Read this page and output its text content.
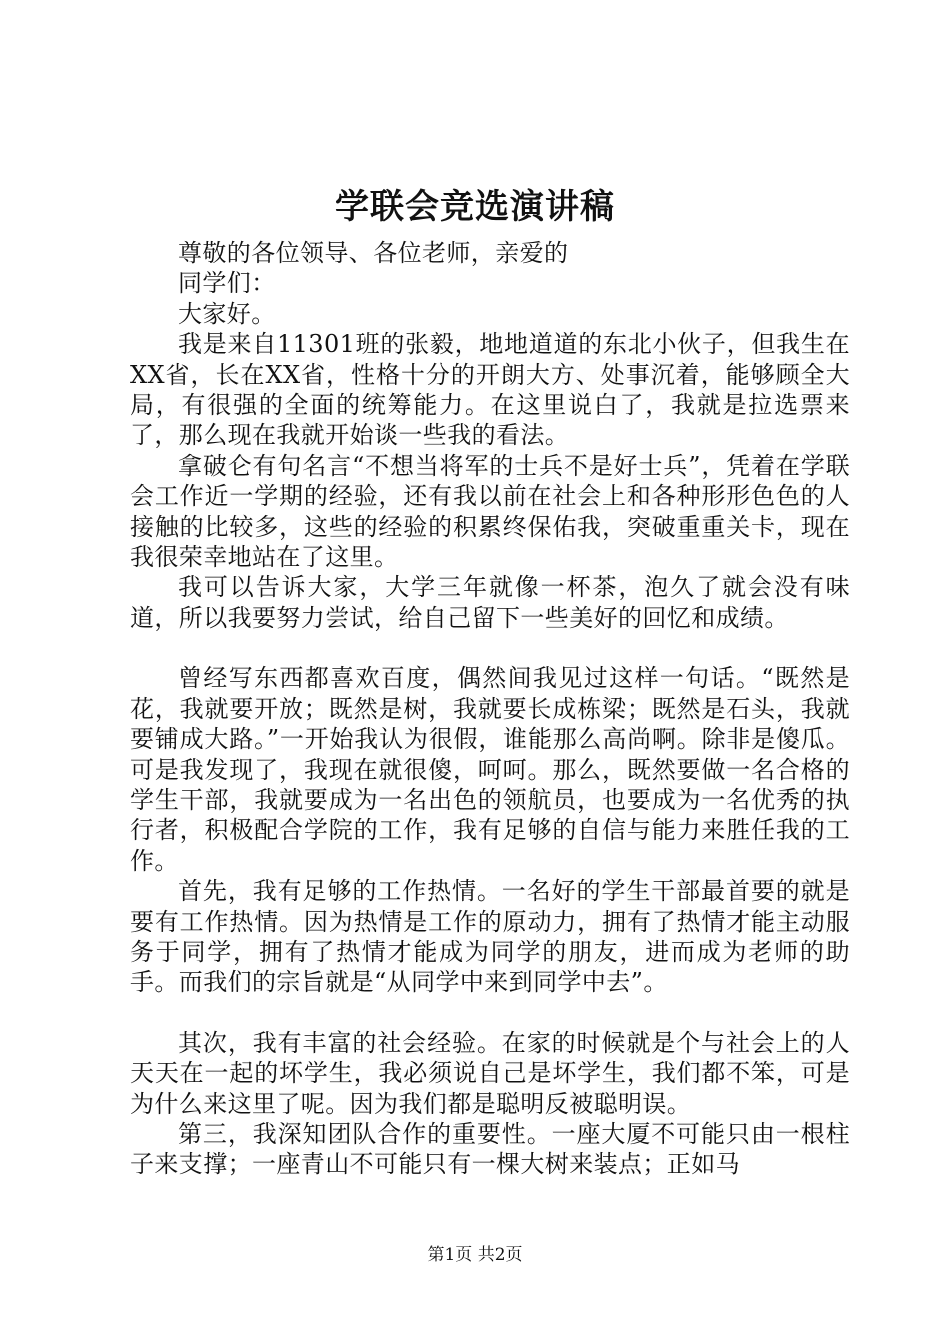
学联会竞选演讲稿

尊敬的各位领导、各位老师，亲爱的

同学们：

大家好。

我是来自11301班的张毅，地地道道的东北小伙子，但我生在XX省，长在XX省，性格十分的开朗大方、处事沉着，能够顾全大局，有很强的全面的统筹能力。在这里说白了，我就是拉选票来了，那么现在我就开始谈一些我的看法。

拿破仑有句名言“不想当将军的士兵不是好士兵”，凭着在学联会工作近一学期的经验，还有我以前在社会上和各种形形色色的人接触的比较多，这些的经验的积累终保佑我，突破重重关卡，现在我很荣幸地站在了这里。

我可以告诉大家，大学三年就像一杯茶，泡久了就会没有味道，所以我要努力尝试，给自己留下一些美好的回忆和成绩。

曾经写东西都喜欢百度，偶然间我见过这样一句话。“既然是花，我就要开放；既然是树，我就要长成栋梁；既然是石头，我就要铺成大路。”一开始我认为很假，谁能那么高尚啊。除非是傻瓜。可是我发现了，我现在就很傻，呵呵。那么，既然要做一名合格的学生干部，我就要成为一名出色的领航员，也要成为一名优秀的执行者，积极配合学院的工作，我有足够的自信与能力来胜任我的工作。

首先，我有足够的工作热情。一名好的学生干部最首要的就是要有工作热情。因为热情是工作的原动力，拥有了热情才能主动服务于同学，拥有了热情才能成为同学的朋友，进而成为老师的助手。而我们的宗旨就是“从同学中来到同学中去”。

其次，我有丰富的社会经验。在家的时候就是个与社会上的人天天在一起的坏学生，我必须说自己是坏学生，我们都不笨，可是为什么来这里了呢。因为我们都是聪明反被聪明误。

第三，我深知团队合作的重要性。一座大厦不可能只由一根柱子来支撑；一座青山不可能只有一棵大树来装点；正如马

第1页 共2页
